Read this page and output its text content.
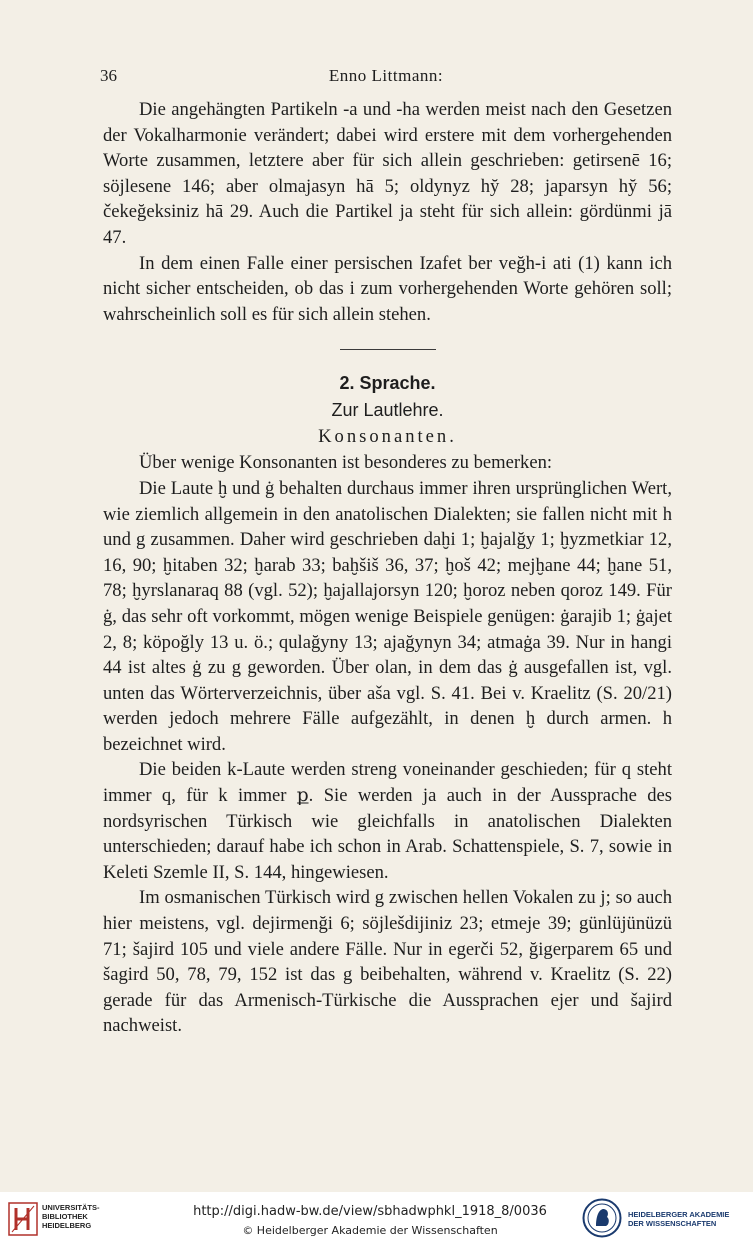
36	Enno Littmann:

Die angehängten Partikeln -a und -ha werden meist nach den Gesetzen der Vokalharmonie verändert; dabei wird erstere mit dem vorhergehenden Worte zusammen, letztere aber für sich allein geschrieben: getirsenē 16; söjlesene 146; aber olmajasyn hā 5; oldynyz hy̆ 28; japarsyn hy̆ 56; čekeğeksiniz hā 29. Auch die Partikel ja steht für sich allein: gördünmi jā 47.

In dem einen Falle einer persischen Izafet ber veğh-i ati (1) kann ich nicht sicher entscheiden, ob das i zum vorhergehenden Worte gehören soll; wahrscheinlich soll es für sich allein stehen.

2. Sprache.
Zur Lautlehre.
Konsonanten.

Über wenige Konsonanten ist besonderes zu bemerken:

Die Laute ḫ und ġ behalten durchaus immer ihren ursprünglichen Wert, wie ziemlich allgemein in den anatolischen Dialekten; sie fallen nicht mit h und g zusammen. Daher wird geschrieben daḫi 1; ḫajalğy 1; ḫyzmetkiar 12, 16, 90; ḫitaben 32; ḫarab 33; baḫšiš 36, 37; ḫoš 42; mejḫane 44; ḫane 51, 78; ḫyrslanaraq 88 (vgl. 52); ḫajallajorsyn 120; ḫoroz neben qoroz 149. Für ġ, das sehr oft vorkommt, mögen wenige Beispiele genügen: ġarajib 1; ġajet 2, 8; köpoğly 13 u. ö.; qulağyny 13; ajağynyn 34; atmaġa 39. Nur in hangi 44 ist altes ġ zu g geworden. Über olan, in dem das ġ ausgefallen ist, vgl. unten das Wörterverzeichnis, über aša vgl. S. 41. Bei v. Kraelitz (S. 20/21) werden jedoch mehrere Fälle aufgezählt, in denen ḫ durch armen. h bezeichnet wird.

Die beiden k-Laute werden streng voneinander geschieden; für q steht immer ԛ, für k immer ք. Sie werden ja auch in der Aussprache des nordsyrischen Türkisch wie gleichfalls in anatolischen Dialekten unterschieden; darauf habe ich schon in Arab. Schattenspiele, S. 7, sowie in Keleti Szemle II, S. 144, hingewiesen.

Im osmanischen Türkisch wird g zwischen hellen Vokalen zu j; so auch hier meistens, vgl. dejirmenği 6; söjlešdijiniz 23; etmeje 39; günlüjünüzü 71; šajird 105 und viele andere Fälle. Nur in egerči 52, ğigerparem 65 und šagird 50, 78, 79, 152 ist das g beibehalten, während v. Kraelitz (S. 22) gerade für das Armenisch-Türkische die Aussprachen ejer und šajird nachweist.

UNIVERSITÄTS-
BIBLIOTHEK
HEIDELBERG
http://digi.hadw-bw.de/view/sbhadwphkl_1918_8/0036
© Heidelberger Akademie der Wissenschaften
HEIDELBERGER AKADEMIE
DER WISSENSCHAFTEN
